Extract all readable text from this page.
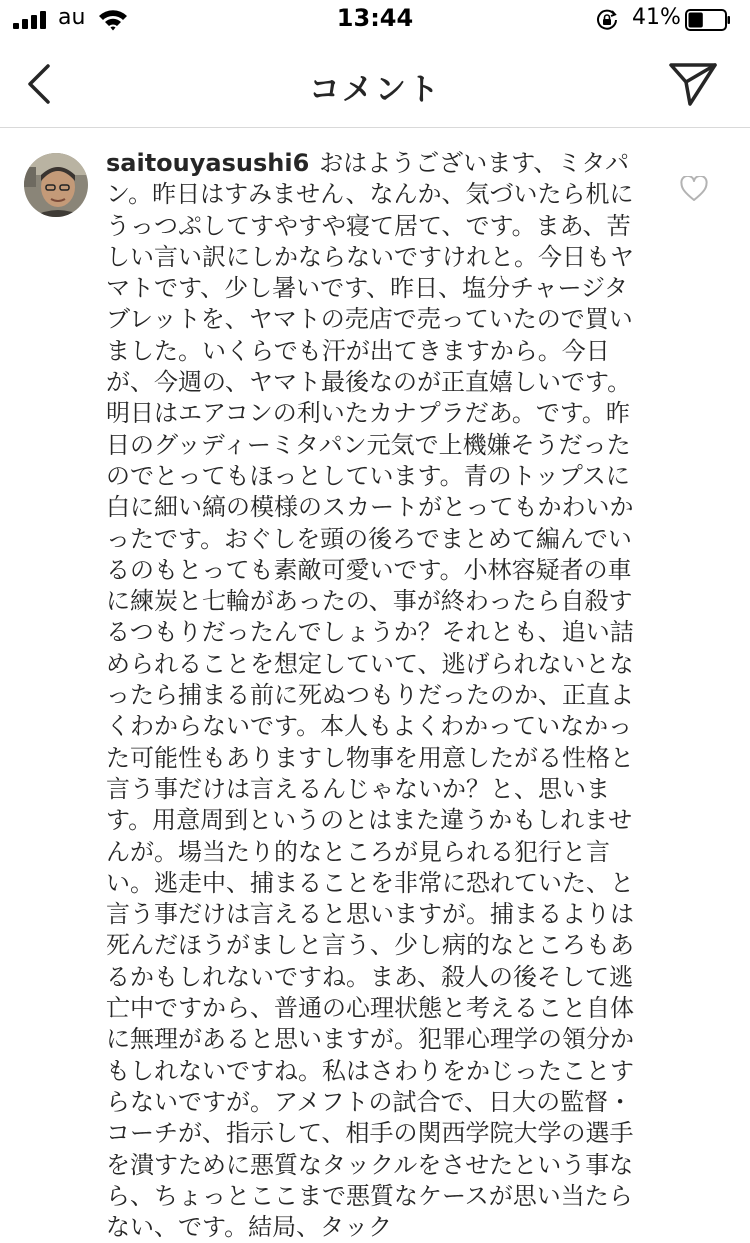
au	13:44	41%
コメント

saitouyasushi6 おはようございます、ミタパン。昨日はすみません、なんか、気づいたら机にうっつぷしてすやすや寝て居て、です。まあ、苦しい言い訳にしかならないですけれと。今日もヤマトです、少し暑いです、昨日、塩分チャージタブレットを、ヤマトの売店で売っていたので買いました。いくらでも汗が出てきますから。今日が、今週の、ヤマト最後なのが正直嬉しいです。明日はエアコンの利いたカナプラだあ。です。昨日のグッディーミタパン元気で上機嫌そうだったのでとってもほっとしています。青のトップスに白に細い縞の模様のスカートがとってもかわいかったです。おぐしを頭の後ろでまとめて編んでいるのもとっても素敵可愛いです。小林容疑者の車に練炭と七輪があったの、事が終わったら自殺するつもりだったんでしょうか？それとも、追い詰められることを想定していて、逃げられないとなったら捕まる前に死ぬつもりだったのか、正直よくわからないです。本人もよくわかっていなかった可能性もありますし物事を用意したがる性格と言う事だけは言えるんじゃないか？と、思います。用意周到というのとはまた違うかもしれませんが。場当たり的なところが見られる犯行と言い。逃走中、捕まることを非常に恐れていた、と言う事だけは言えると思いますが。捕まるよりは死んだほうがましと言う、少し病的なところもあるかもしれないですね。まあ、殺人の後そして逃亡中ですから、普通の心理状態と考えること自体に無理があると思いますが。犯罪心理学の領分かもしれないですね。私はさわりをかじったことすらないですが。アメフトの試合で、日大の監督・コーチが、指示して、相手の関西学院大学の選手を潰すために悪質なタックルをさせたという事なら、ちょっとここまで悪質なケースが思い当たらない、です。結局、タック
